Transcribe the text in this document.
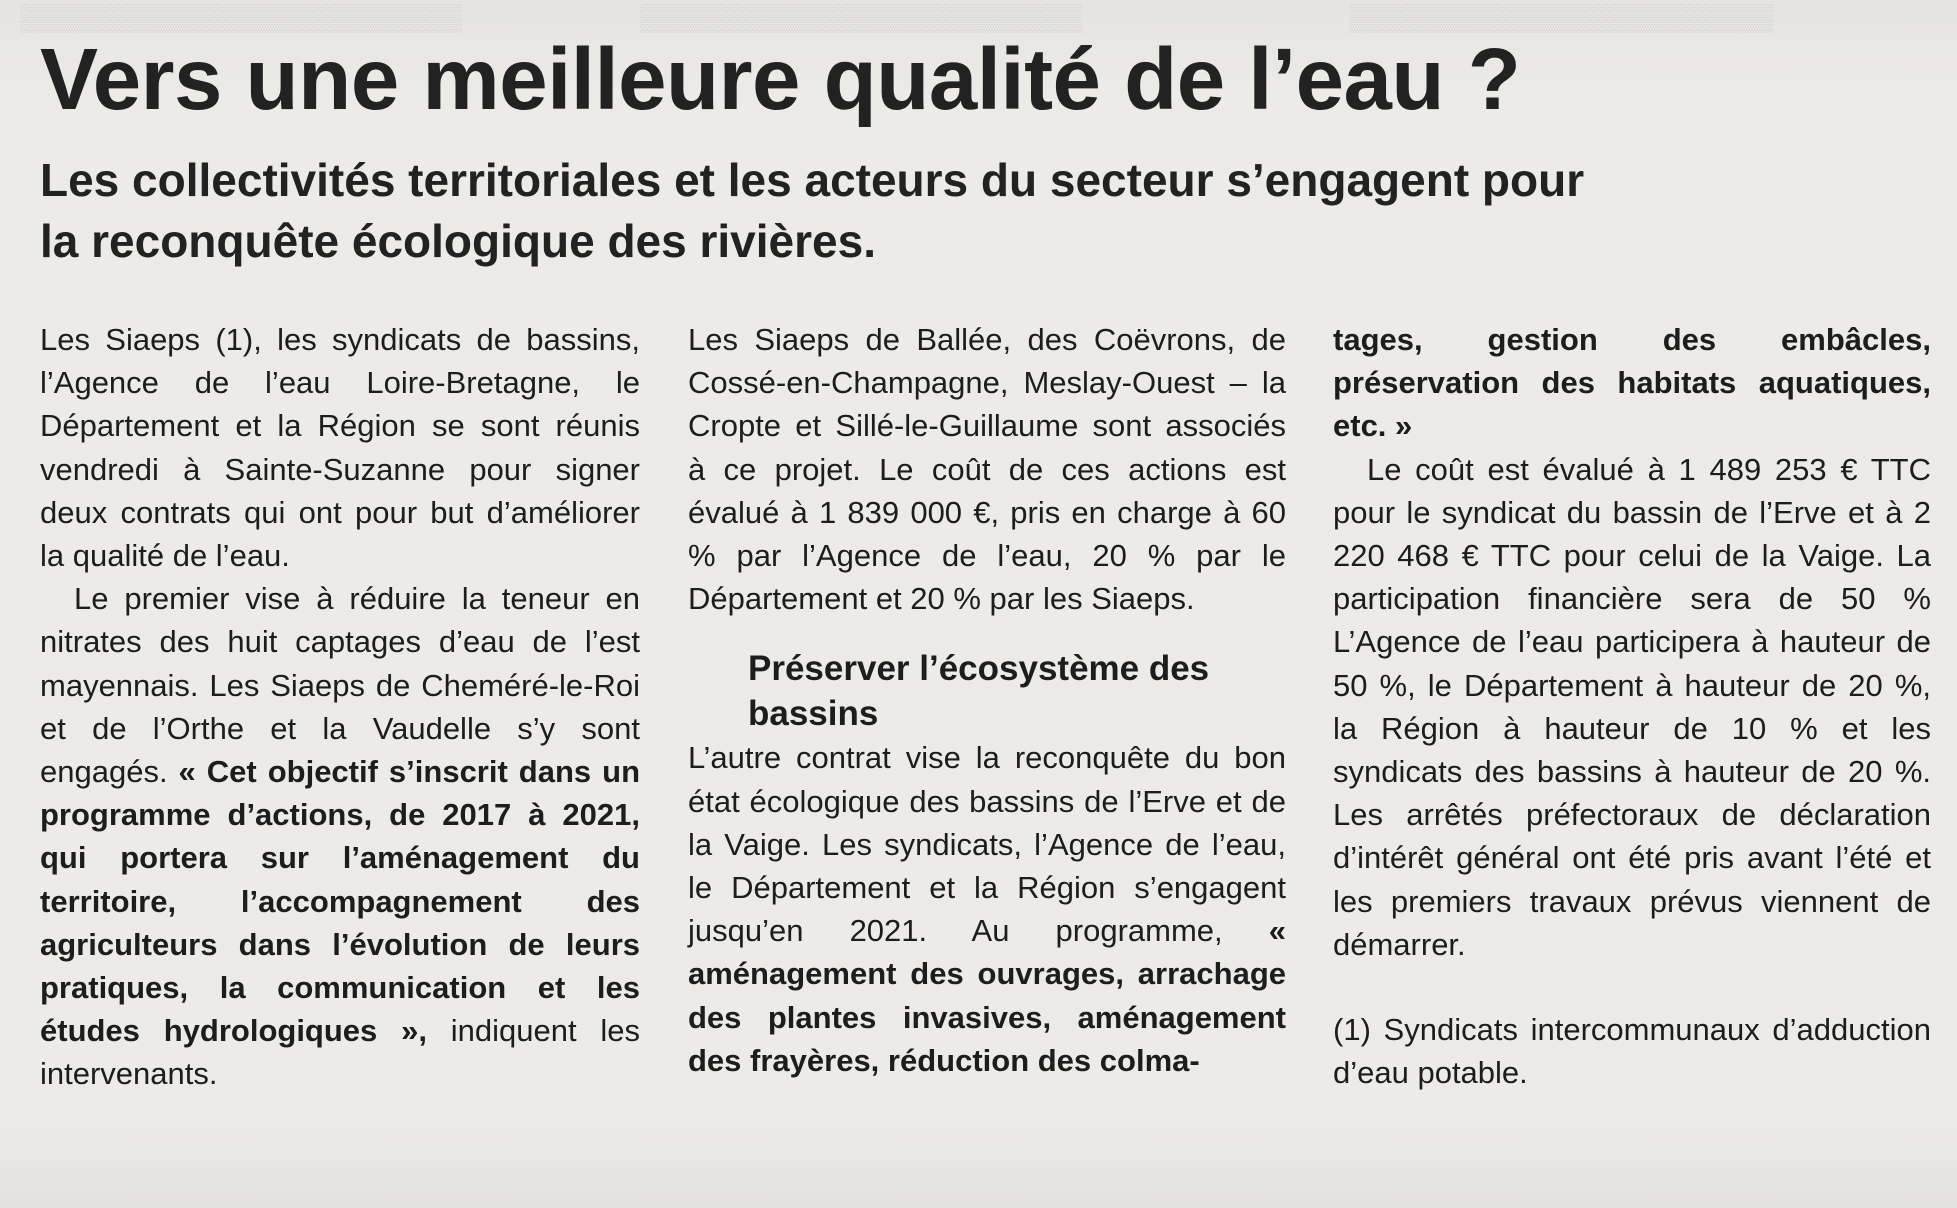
▒▒▒▒▒▒▒▒▒▒▒▒▒▒▒▒▒▒▒▒▒▒▒▒	▒▒▒▒▒▒▒▒▒▒▒▒▒▒▒▒▒▒▒▒▒▒▒▒	▒▒▒▒▒▒▒▒▒▒▒▒▒▒▒▒▒▒▒▒▒▒▒
Vers une meilleure qualité de l’eau ?
Les collectivités territoriales et les acteurs du secteur s’engagent pour la reconquête écologique des rivières.

Les Siaeps (1), les syndicats de bassins, l’Agence de l’eau Loire-Bretagne, le Département et la Région se sont réunis vendredi à Sainte-Suzanne pour signer deux contrats qui ont pour but d’améliorer la qualité de l’eau.

Le premier vise à réduire la teneur en nitrates des huit captages d’eau de l’est mayennais. Les Siaeps de Cheméré-le-Roi et de l’Orthe et la Vaudelle s’y sont engagés. « Cet objectif s’inscrit dans un programme d’actions, de 2017 à 2021, qui portera sur l’aménagement du territoire, l’accompagnement des agriculteurs dans l’évolution de leurs pratiques, la communication et les études hydrologiques », indiquent les intervenants.

Les Siaeps de Ballée, des Coëvrons, de Cossé-en-Champagne, Meslay-Ouest – la Cropte et Sillé-le-Guillaume sont associés à ce projet. Le coût de ces actions est évalué à 1 839 000 €, pris en charge à 60 % par l’Agence de l’eau, 20 % par le Département et 20 % par les Siaeps.

Préserver l’écosystème des bassins

L’autre contrat vise la reconquête du bon état écologique des bassins de l’Erve et de la Vaige. Les syndicats, l’Agence de l’eau, le Département et la Région s’engagent jusqu’en 2021. Au programme, « aménagement des ouvrages, arrachage des plantes invasives, aménagement des frayères, réduction des colma-

tages, gestion des embâcles, préservation des habitats aquatiques, etc. »

Le coût est évalué à 1 489 253 € TTC pour le syndicat du bassin de l’Erve et à 2 220 468 € TTC pour celui de la Vaige. La participation financière sera de 50 % L’Agence de l’eau participera à hauteur de 50 %, le Département à hauteur de 20 %, la Région à hauteur de 10 % et les syndicats des bassins à hauteur de 20 %. Les arrêtés préfectoraux de déclaration d’intérêt général ont été pris avant l’été et les premiers travaux prévus viennent de démarrer.

(1) Syndicats intercommunaux d’adduction d’eau potable.
